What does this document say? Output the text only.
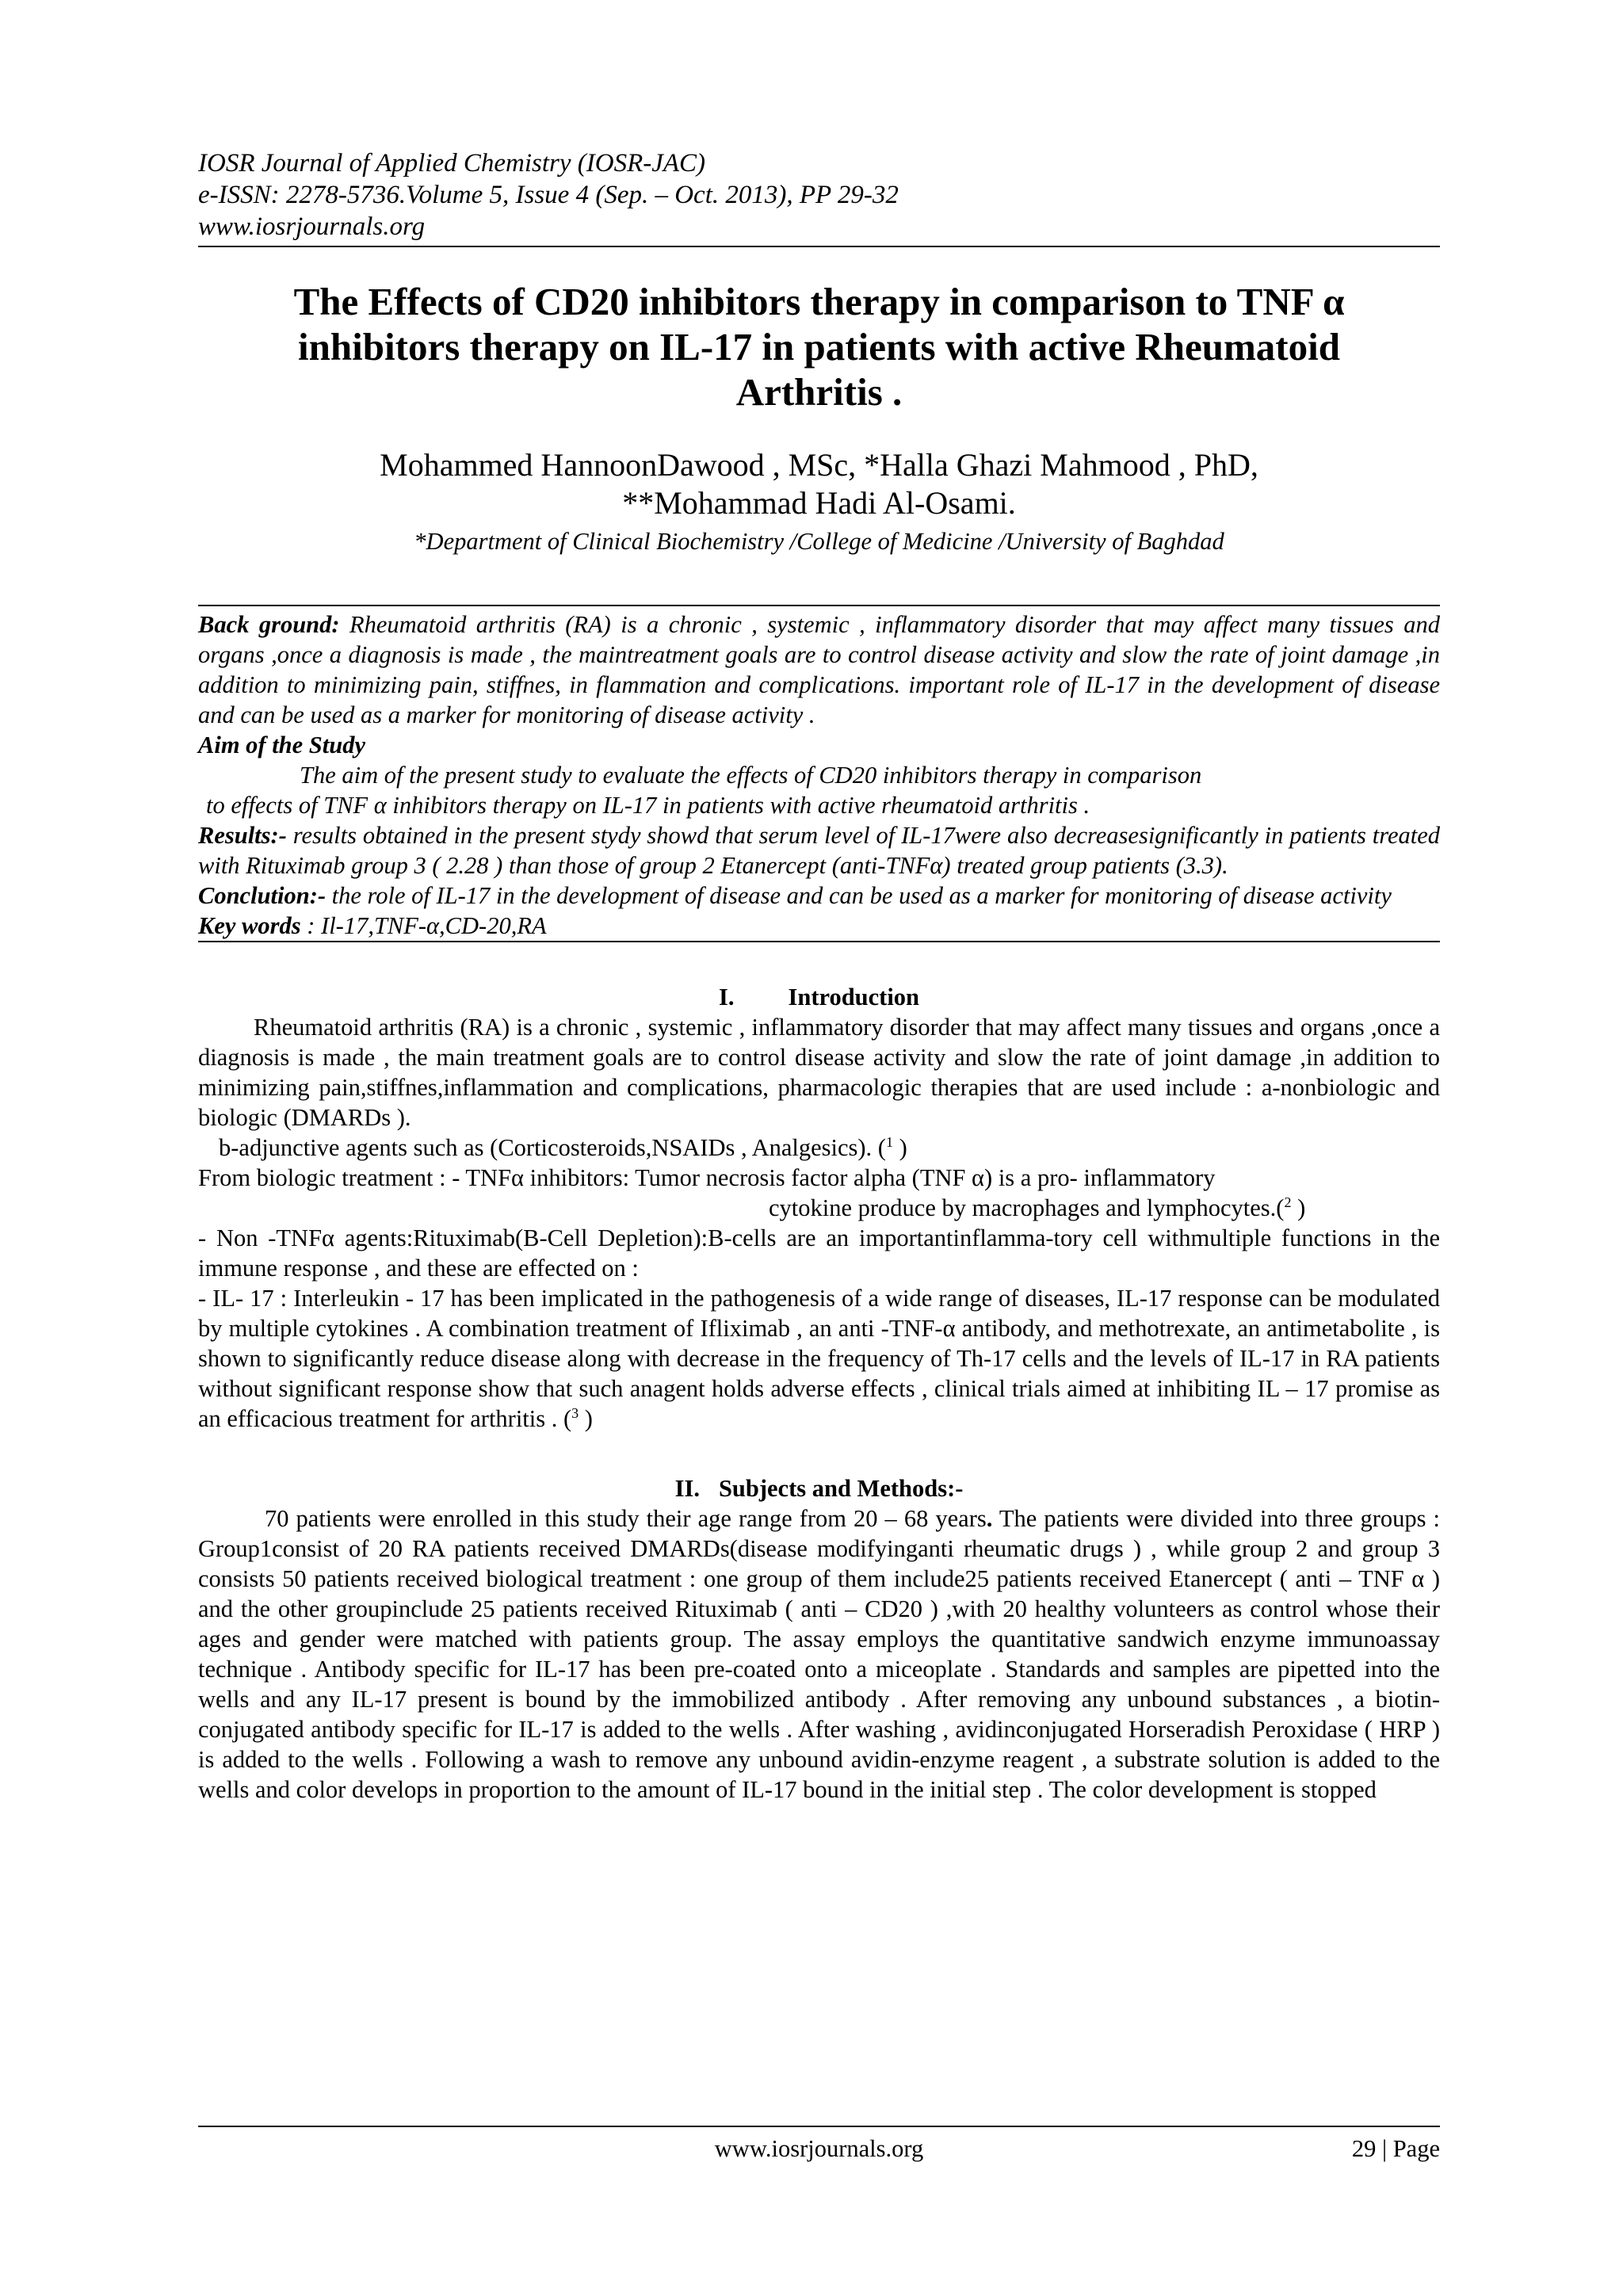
IOSR Journal of Applied Chemistry (IOSR-JAC)
e-ISSN: 2278-5736.Volume 5, Issue 4 (Sep. – Oct. 2013), PP 29-32
www.iosrjournals.org
The Effects of CD20 inhibitors therapy in comparison to TNF α
inhibitors therapy on IL-17 in patients with active Rheumatoid
Arthritis .
Mohammed HannoonDawood , MSc, *Halla Ghazi Mahmood , PhD,
**Mohammad Hadi Al-Osami.
*Department of Clinical Biochemistry /College of Medicine /University of Baghdad

Back ground: Rheumatoid arthritis (RA) is a chronic , systemic , inflammatory disorder that may affect many tissues and organs ,once a diagnosis is made , the maintreatment goals are to control disease activity and slow the rate of joint damage ,in addition to minimizing pain, stiffnes, in flammation and complications. important role of IL-17 in the development of disease and can be used as a marker for monitoring of disease activity .

Aim of the Study

The aim of the present study to evaluate the effects of CD20 inhibitors therapy in comparison

to effects of TNF α inhibitors therapy on IL-17 in patients with active rheumatoid arthritis .

Results:- results obtained in the present stydy showd that serum level of IL-17were also decreasesignificantly in patients treated with Rituximab group 3 ( 2.28 ) than those of group 2 Etanercept (anti-TNFα) treated group patients (3.3).

Conclution:- the role of IL-17 in the development of disease and can be used as a marker for monitoring of disease activity

Key words : Il-17,TNF-α,CD-20,RA

I. Introduction

Rheumatoid arthritis (RA) is a chronic , systemic , inflammatory disorder that may affect many tissues and organs ,once a diagnosis is made , the main treatment goals are to control disease activity and slow the rate of joint damage ,in addition to minimizing pain,stiffnes,inflammation and complications, pharmacologic therapies that are used include : a-nonbiologic and biologic (DMARDs ).

b-adjunctive agents such as (Corticosteroids,NSAIDs , Analgesics). ($^1$ )

From biologic treatment : - TNFα inhibitors: Tumor necrosis factor alpha (TNF α) is a pro- inflammatory

cytokine produce by macrophages and lymphocytes.($^2$ )

- Non -TNFα agents:Rituximab(B-Cell Depletion):B-cells are an importantinflamma-tory cell withmultiple functions in the immune response , and these are effected on :

- IL- 17 : Interleukin - 17 has been implicated in the pathogenesis of a wide range of diseases, IL-17 response can be modulated by multiple cytokines . A combination treatment of Ifliximab , an anti -TNF-α antibody, and methotrexate, an antimetabolite , is shown to significantly reduce disease along with decrease in the frequency of Th-17 cells and the levels of IL-17 in RA patients without significant response show that such anagent holds adverse effects , clinical trials aimed at inhibiting IL – 17 promise as an efficacious treatment for arthritis . ($^3$ )

II. Subjects and Methods:-

70 patients were enrolled in this study their age range from 20 – 68 years. The patients were divided into three groups : Group1consist of 20 RA patients received DMARDs(disease modifyinganti rheumatic drugs ) , while group 2 and group 3 consists 50 patients received biological treatment : one group of them include25 patients received Etanercept ( anti – TNF α ) and the other groupinclude 25 patients received Rituximab ( anti – CD20 ) ,with 20 healthy volunteers as control whose their ages and gender were matched with patients group. The assay employs the quantitative sandwich enzyme immunoassay technique . Antibody specific for IL-17 has been pre-coated onto a miceoplate . Standards and samples are pipetted into the wells and any IL-17 present is bound by the immobilized antibody . After removing any unbound substances , a biotin-conjugated antibody specific for IL-17 is added to the wells . After washing , avidinconjugated Horseradish Peroxidase ( HRP ) is added to the wells . Following a wash to remove any unbound avidin-enzyme reagent , a substrate solution is added to the wells and color develops in proportion to the amount of IL-17 bound in the initial step . The color development is stopped

www.iosrjournals.org	29 | Page
